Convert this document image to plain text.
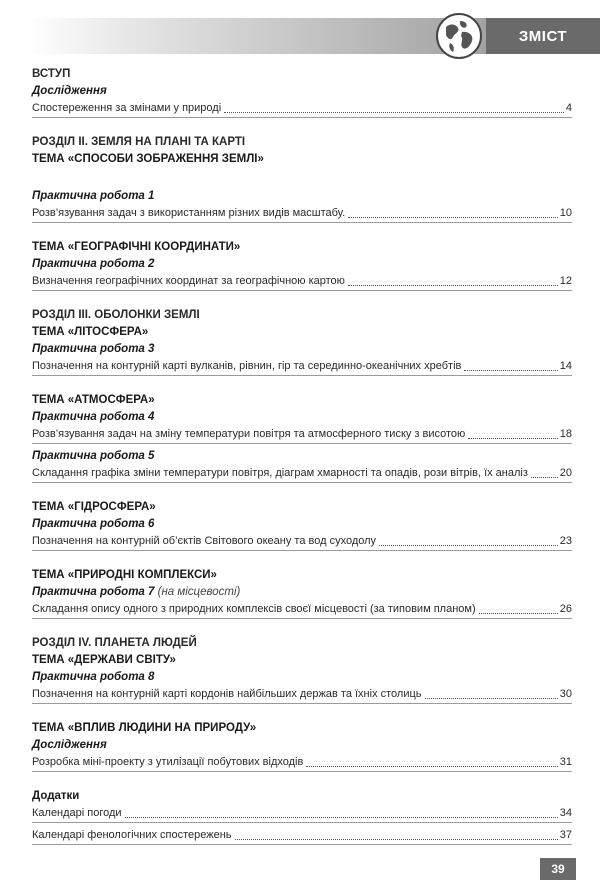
ЗМІСТ
ВСТУП
Дослідження
Спостереження за змінами у природі	4
РОЗДІЛ ІІ. ЗЕМЛЯ НА ПЛАНІ ТА КАРТІ
ТЕМА «СПОСОБИ ЗОБРАЖЕННЯ ЗЕМЛІ»
Практична робота 1
Розв’язування задач з використанням різних видів масштабу.	10
ТЕМА «ГЕОГРАФІЧНІ КООРДИНАТИ»
Практична робота 2
Визначення географічних координат за географічною картою	12
РОЗДІЛ ІІІ. ОБОЛОНКИ ЗЕМЛІ
ТЕМА «ЛІТОСФЕРА»
Практична робота 3
Позначення на контурній карті вулканів, рівнин, гір та серединно-океанічних хребтів	14
ТЕМА «АТМОСФЕРА»
Практична робота 4
Розв’язування задач на зміну температури повітря та атмосферного тиску з висотою	18
Практична робота 5
Складання графіка зміни температури повітря, діаграм хмарності та опадів, рози вітрів, їх аналіз	20
ТЕМА «ГІДРОСФЕРА»
Практична робота 6
Позначення на контурній об’єктів Світового океану та вод суходолу	23
ТЕМА «ПРИРОДНІ КОМПЛЕКСИ»
Практична робота 7 (на місцевості)
Складання опису одного з природних комплексів своєї місцевості (за типовим планом)	26
РОЗДІЛ IV. ПЛАНЕТА ЛЮДЕЙ
ТЕМА «ДЕРЖАВИ СВІТУ»
Практична робота 8
Позначення на контурній карті кордонів найбільших держав та їхніх столиць	30
ТЕМА «ВПЛИВ ЛЮДИНИ НА ПРИРОДУ»
Дослідження
Розробка міні-проекту з утилізації побутових відходів	31
Додатки
Календарі погоди	34
Календарі фенологічних спостережень	37
39
